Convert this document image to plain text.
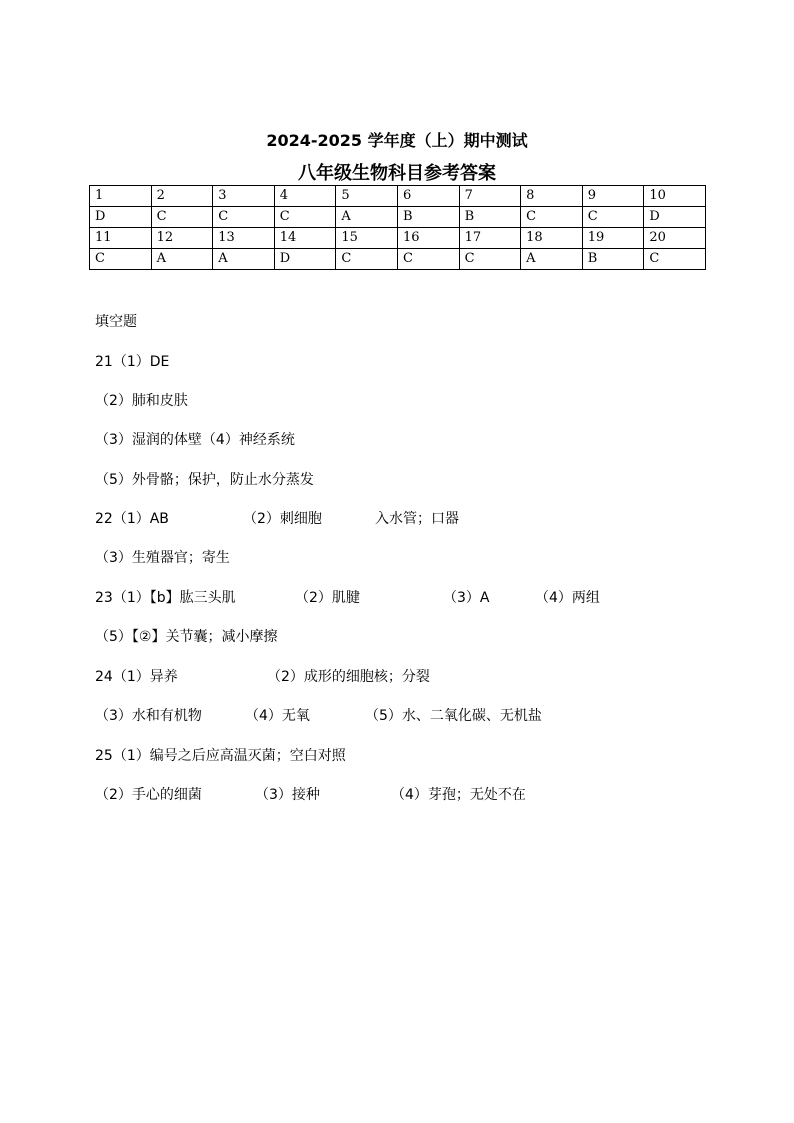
2024-2025 学年度（上）期中测试
八年级生物科目参考答案
1	2	3	4	5	6	7	8	9	10
D	C	C	C	A	B	B	C	C	D
11	12	13	14	15	16	17	18	19	20
C	A	A	D	C	C	C	A	B	C
填空题
21（1）DE
（2）肺和皮肤
（3）湿润的体壁（4）神经系统
（5）外骨骼；保护，防止水分蒸发
22（1）AB	（2）刺细胞	入水管；口器
（3）生殖器官；寄生
23（1）【b】肱三头肌	（2）肌腱	（3）A	（4）两组
（5）【②】关节囊；减小摩擦
24（1）异养	（2）成形的细胞核；分裂
（3）水和有机物	（4）无氧	（5）水、二氧化碳、无机盐
25（1）编号之后应高温灭菌；空白对照
（2）手心的细菌	（3）接种	（4）芽孢；无处不在
